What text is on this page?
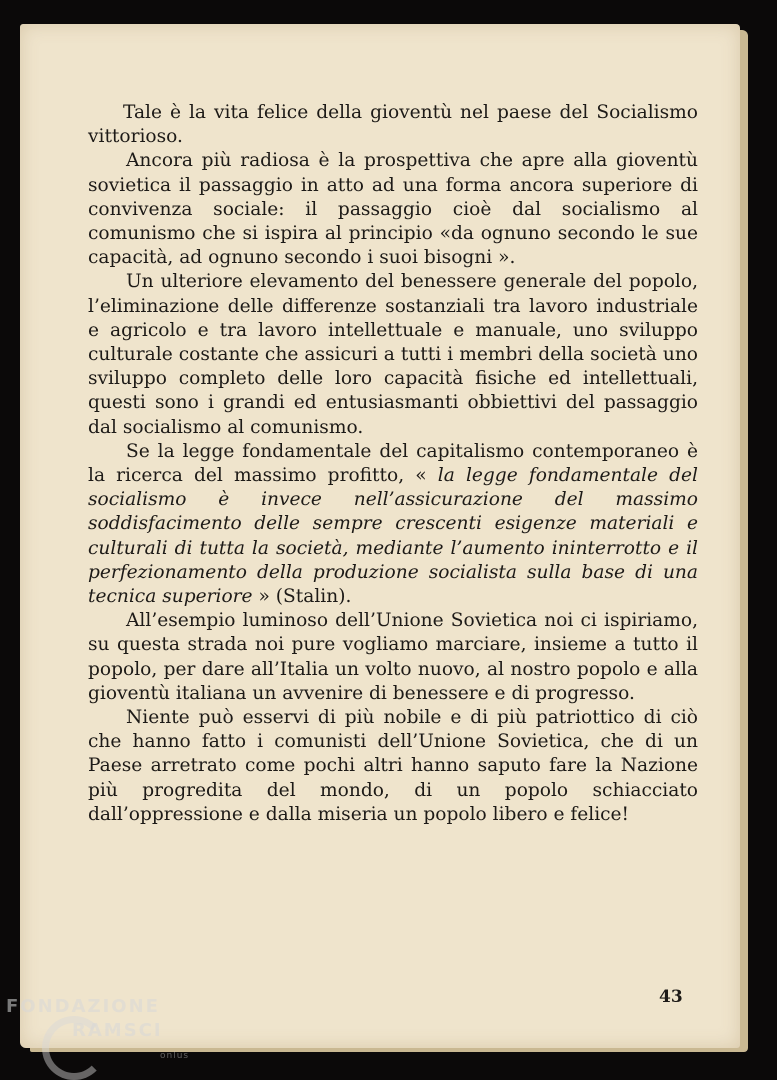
Tale è la vita felice della gioventù nel paese del Socialismo vittorioso.

Ancora più radiosa è la prospettiva che apre alla gioventù sovietica il passaggio in atto ad una forma ancora superiore di convivenza sociale: il passaggio cioè dal socialismo al comunismo che si ispira al principio «da ognuno secondo le sue capacità, ad ognuno secondo i suoi bisogni ».

Un ulteriore elevamento del benessere generale del popolo, l’eliminazione delle differenze sostanziali tra lavoro industriale e agricolo e tra lavoro intellettuale e manuale, uno sviluppo culturale costante che assicuri a tutti i membri della società uno sviluppo completo delle loro capacità fisiche ed intellettuali, questi sono i grandi ed entusiasmanti obbiettivi del passaggio dal socialismo al comunismo.

Se la legge fondamentale del capitalismo contemporaneo è la ricerca del massimo profitto, « la legge fondamentale del socialismo è invece nell’assicurazione del massimo soddisfacimento delle sempre crescenti esigenze materiali e culturali di tutta la società, mediante l’aumento ininterrotto e il perfezionamento della produzione socialista sulla base di una tecnica superiore » (Stalin).

All’esempio luminoso dell’Unione Sovietica noi ci ispiriamo, su questa strada noi pure vogliamo marciare, insieme a tutto il popolo, per dare all’Italia un volto nuovo, al nostro popolo e alla gioventù italiana un avvenire di benessere e di progresso.

Niente può esservi di più nobile e di più patriottico di ciò che hanno fatto i comunisti dell’Unione Sovietica, che di un Paese arretrato come pochi altri hanno saputo fare la Nazione più progredita del mondo, di un popolo schiacciato dall’oppressione e dalla miseria un popolo libero e felice!

43
FONDAZIONE
RAMSCI
onlus
